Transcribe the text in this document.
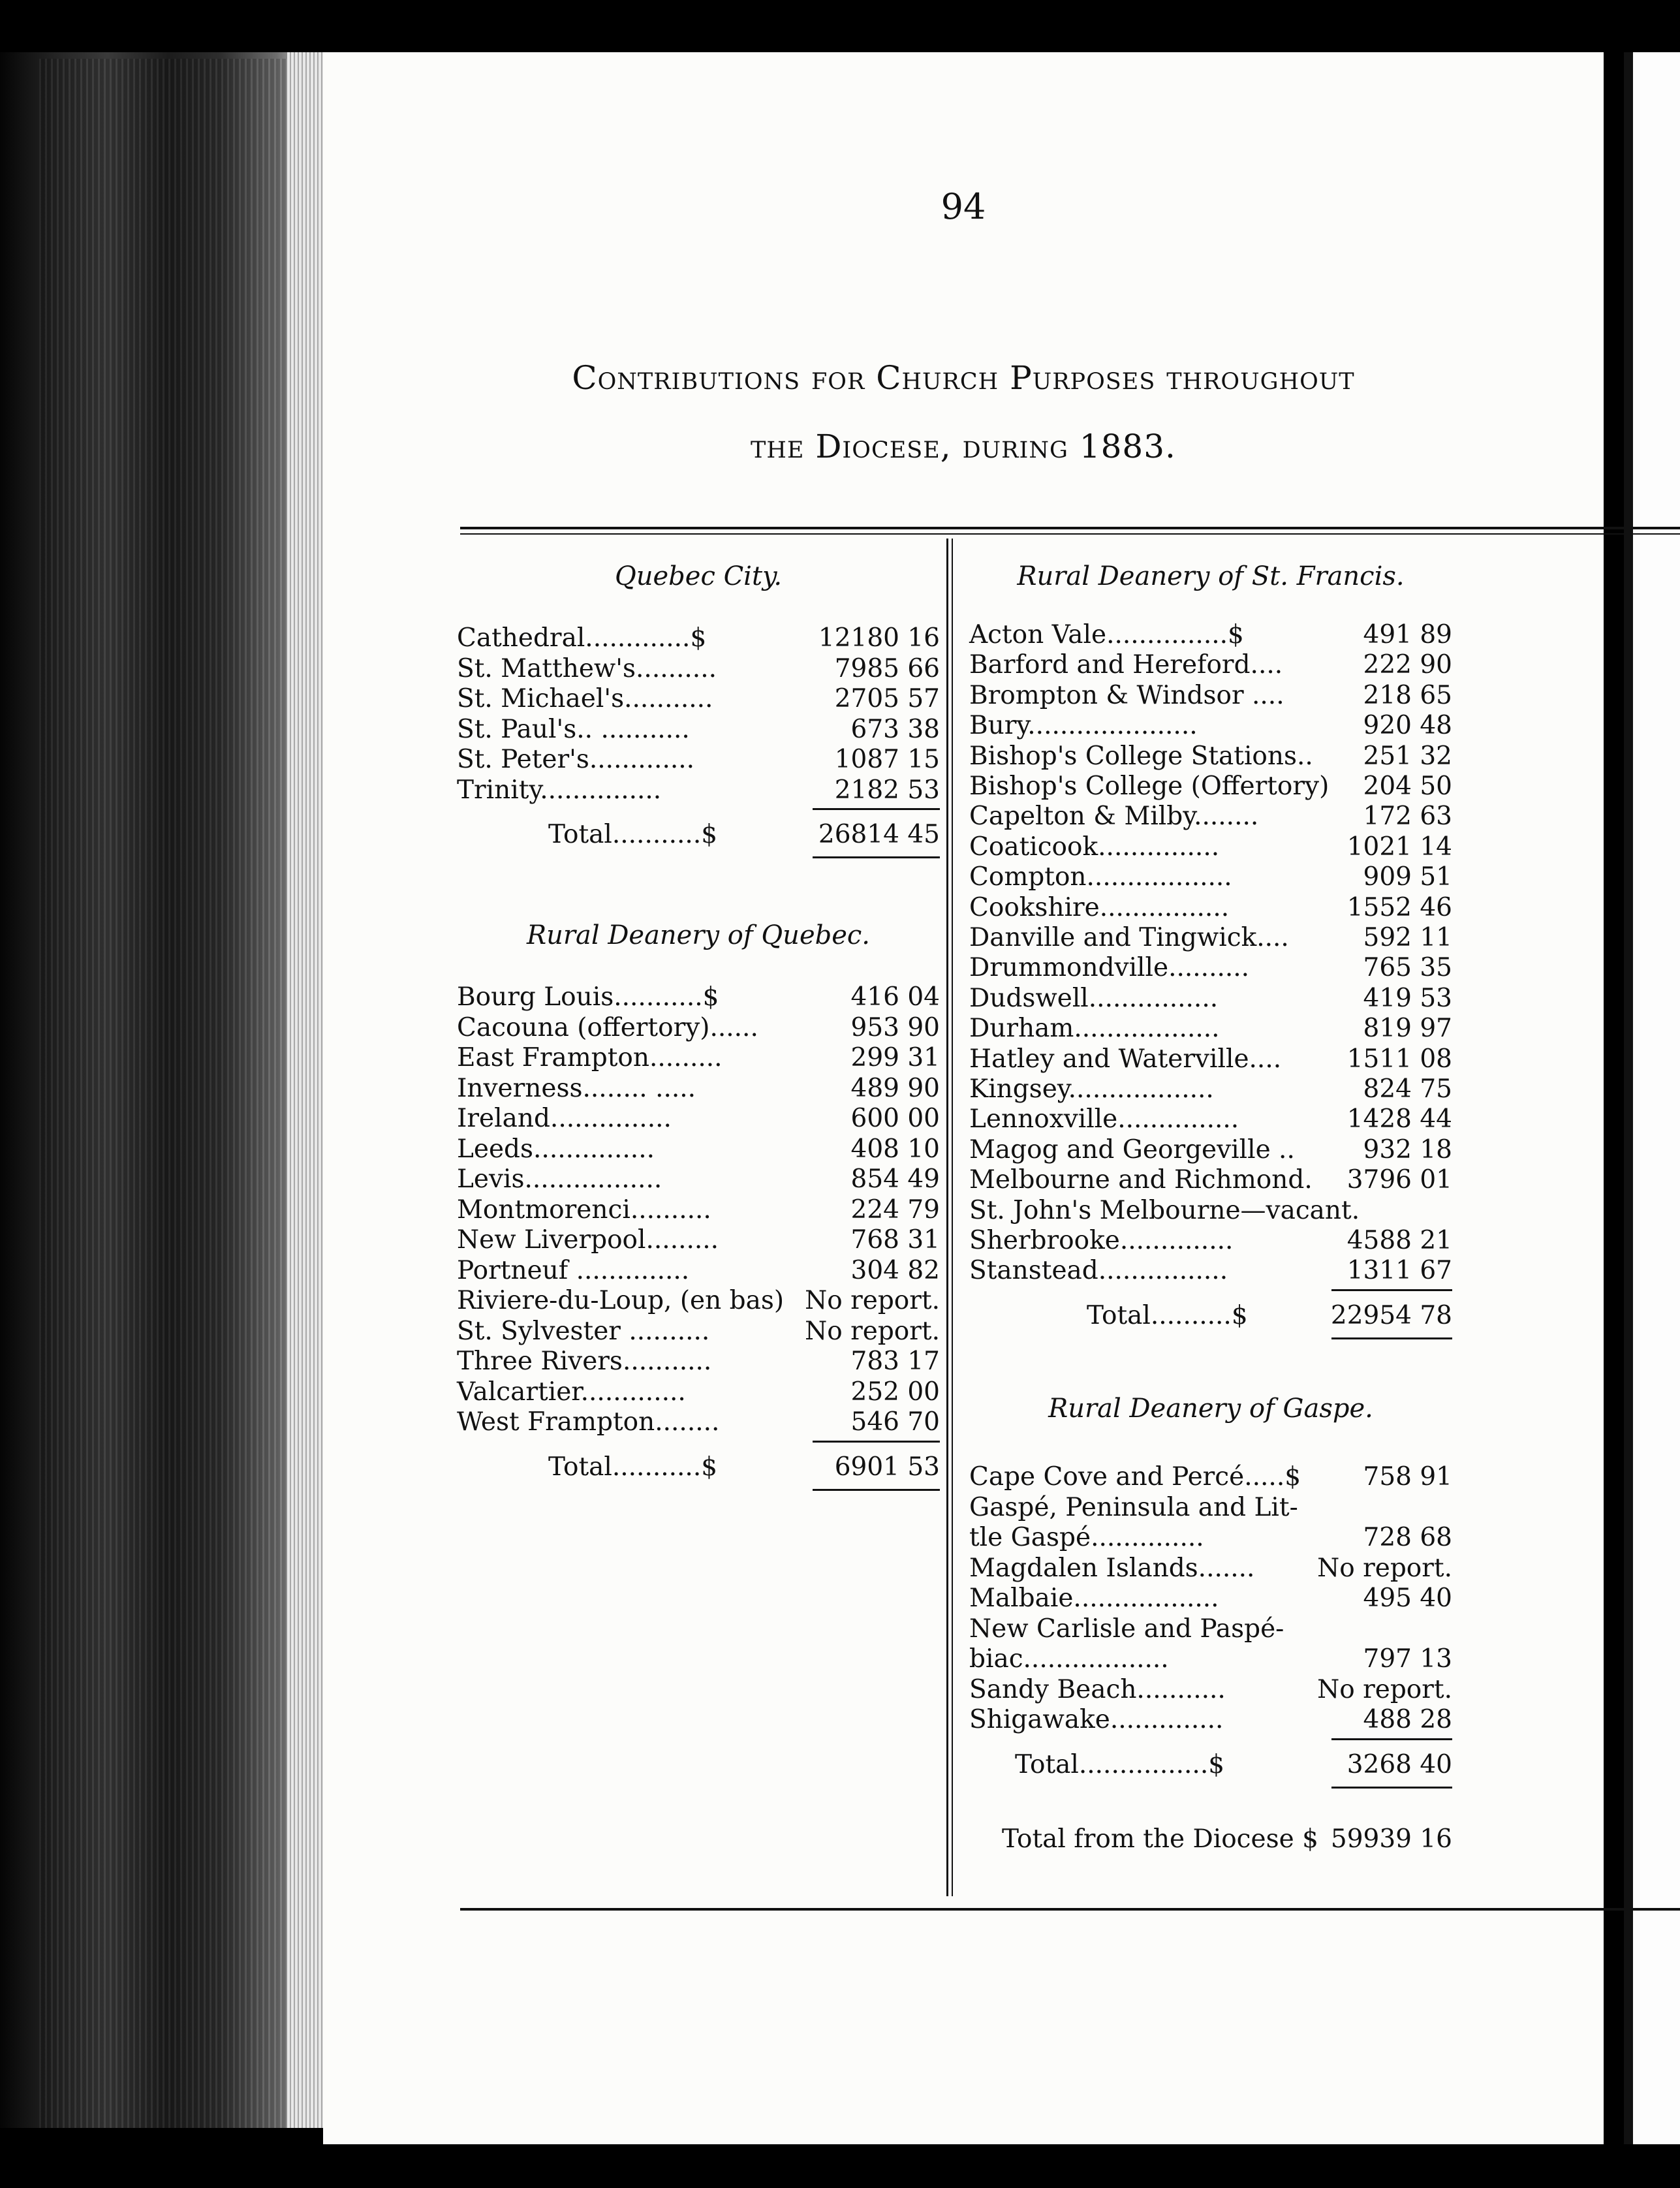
94
Contributions for Church Purposes throughout
the Diocese, during 1883.
Quebec City.
Cathedral.............$	12180 16
St. Matthew's..........	7985 66
St. Michael's...........	2705 57
St. Paul's.. ...........	673 38
St. Peter's.............	1087 15
Trinity...............	2182 53
Total...........$	26814 45
Rural Deanery of Quebec.
Bourg Louis...........$	416 04
Cacouna (offertory)......	953 90
East Frampton.........	299 31
Inverness........ .....	489 90
Ireland...............	600 00
Leeds...............	408 10
Levis.................	854 49
Montmorenci..........	224 79
New Liverpool.........	768 31
Portneuf ..............	304 82
Riviere-du-Loup, (en bas) No report.
St. Sylvester ..........	No report.
Three Rivers...........	783 17
Valcartier.............	252 00
West Frampton........	546 70
Total...........$	6901 53
Rural Deanery of St. Francis.
Acton Vale...............$	491 89
Barford and Hereford....	222 90
Brompton & Windsor ....	218 65
Bury.....................	920 48
Bishop's College Stations.. 251 32
Bishop's College (Offertory) 204 50
Capelton & Milby........	172 63
Coaticook...............	1021 14
Compton..................	909 51
Cookshire................	1552 46
Danville and Tingwick....	592 11
Drummondville..........	765 35
Dudswell................	419 53
Durham..................	819 97
Hatley and Waterville....	1511 08
Kingsey..................	824 75
Lennoxville...............	1428 44
Magog and Georgeville ..	932 18
Melbourne and Richmond. 3796 01
St. John's Melbourne—vacant.
Sherbrooke..............	4588 21
Stanstead................	1311 67
Total..........$	22954 78
Rural Deanery of Gaspe.
Cape Cove and Percé.....$ 758 91
Gaspé, Peninsula and Lit-
tle Gaspé..............	728 68
Magdalen Islands....... No report.
Malbaie..................	495 40
New Carlisle and Paspé-
biac..................	797 13
Sandy Beach...........	No report.
Shigawake..............	488 28
Total................$	3268 40
Total from the Diocese $ 59939 16
